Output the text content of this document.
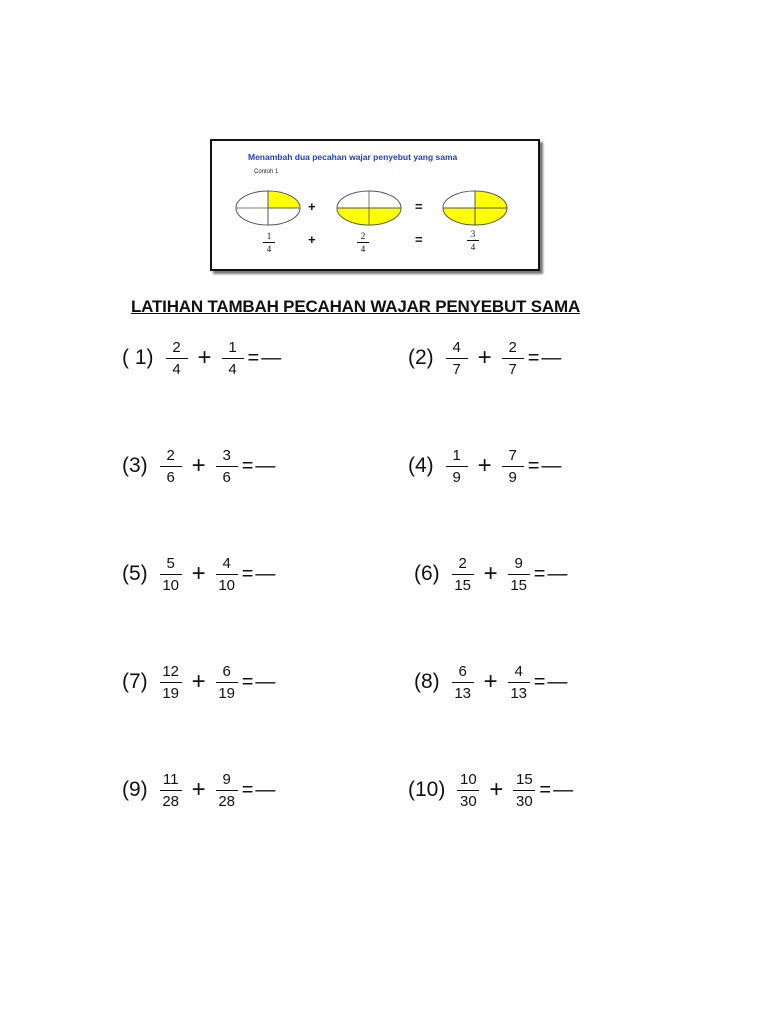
Menambah dua pecahan wajar penyebut yang sama
Contoh 1
+	=
1
4
+	2
4
=	3
4
LATIHAN TAMBAH PECAHAN WAJAR PENYEBUT SAMA
( $1) \frac{2}{4} + \frac{1}{4}$ = —	$(2) \frac{4}{7} + \frac{2}{7}$ = —
$(3) \frac{2}{6} + \frac{3}{6}$ = —	$(4) \frac{1}{9} + \frac{7}{9}$ = —
$(5) \frac{5}{10} + \frac{4}{10}$ = —	$(6) \frac{2}{15} + \frac{9}{15}$ = —
$(7) \frac{12}{19} + \frac{6}{19}$ = —	$(8) \frac{6}{13} + \frac{4}{13}$ = —
$(9) \frac{11}{28} + \frac{9}{28}$ = —	$(10) \frac{10}{30} + \frac{15}{30}$ = —
